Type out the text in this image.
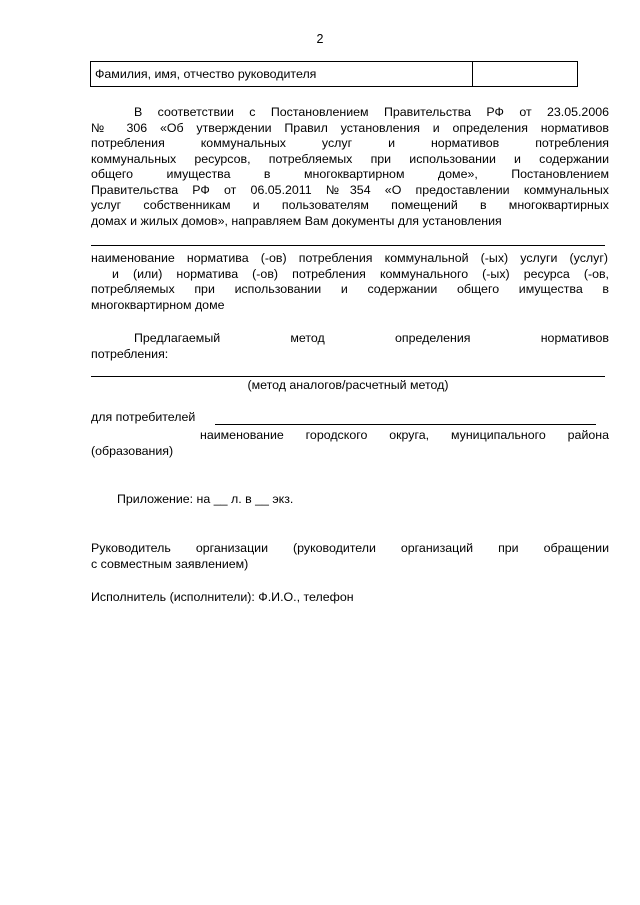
2
Фамилия, имя, отчество руководителя
В соответствии с Постановлением Правительства РФ от 23.05.2006
№ 306 «Об утверждении Правил установления и определения нормативов
потребления коммунальных услуг и нормативов потребления
коммунальных ресурсов, потребляемых при использовании и содержании
общего имущества в многоквартирном доме», Постановлением
Правительства РФ от 06.05.2011 №354 «О предоставлении коммунальных
услуг собственникам и пользователям помещений в многоквартирных
домах и жилых домов», направляем Вам документы для установления
наименование норматива (-ов) потребления коммунальной (-ых) услуги (услуг)
и (или) норматива (-ов) потребления коммунального (-ых) ресурса (-ов,
потребляемых при использовании и содержании общего имущества в
многоквартирном доме
Предлагаемый метод определения нормативов
потребления:
(метод аналогов/расчетный метод)
для потребителей
наименование городского округа, муниципального района
(образования)
Приложение: на __ л. в __ экз.
Руководитель организации (руководители организаций при обращении
с совместным заявлением)
Исполнитель (исполнители): Ф.И.О., телефон
